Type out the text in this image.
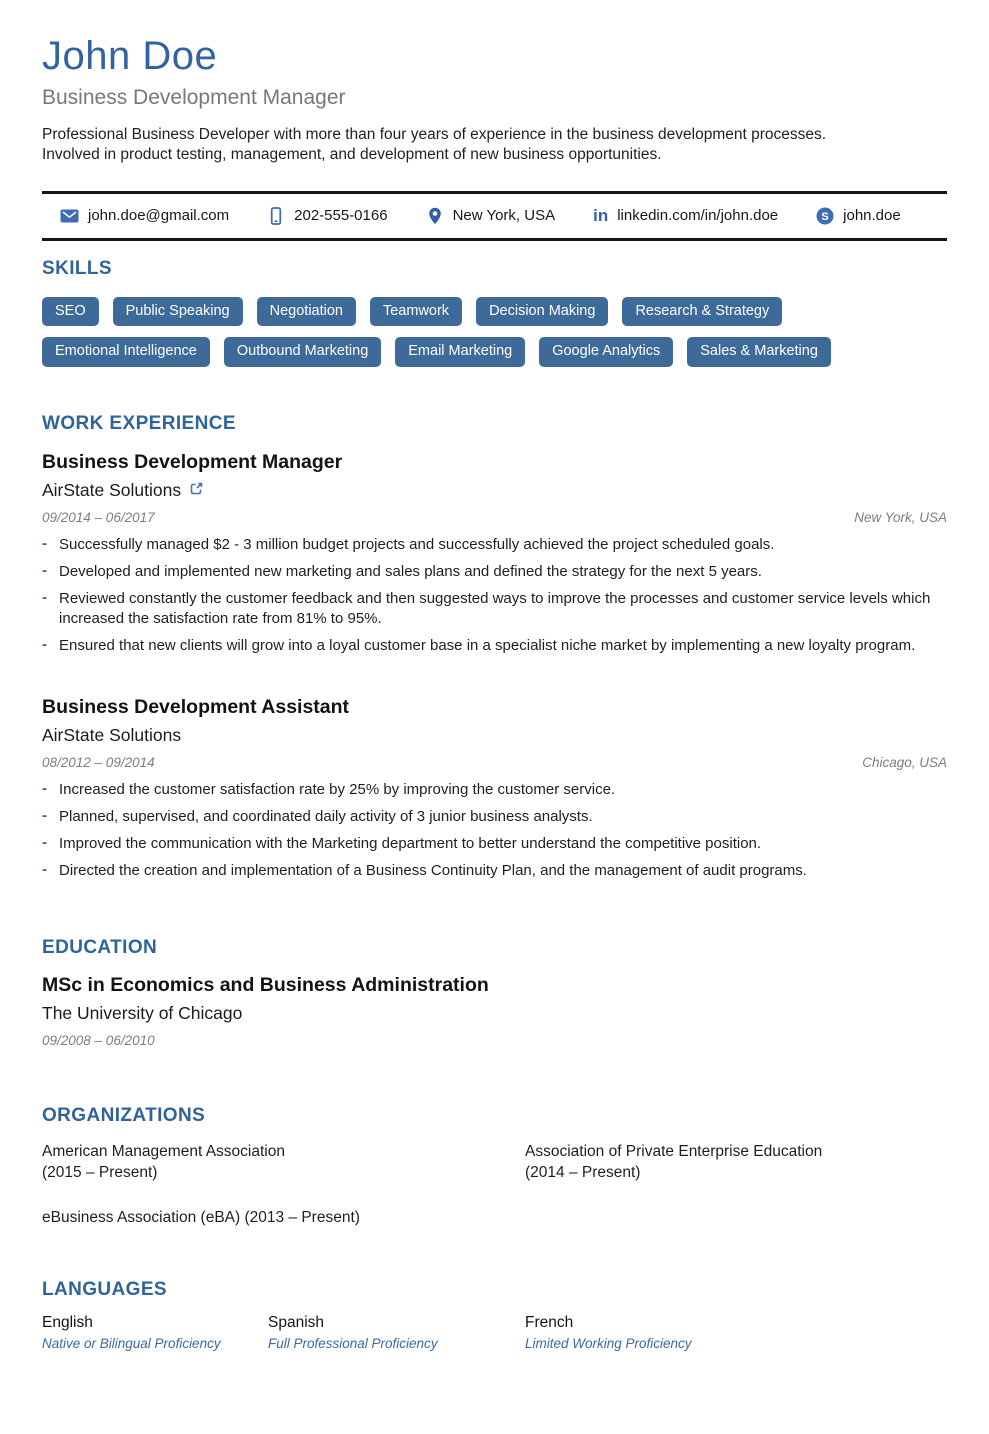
John Doe
Business Development Manager
Professional Business Developer with more than four years of experience in the business development processes.
Involved in product testing, management, and development of new business opportunities.
john.doe@gmail.com	202-555-0166	New York, USA in linkedin.com/in/john.doe	S john.doe
SKILLS
SEO	Public Speaking	Negotiation	Teamwork	Decision Making	Research & Strategy
Emotional Intelligence	Outbound Marketing	Email Marketing	Google Analytics	Sales & Marketing
WORK EXPERIENCE
Business Development Manager
AirState Solutions
09/2014 – 06/2017	New York, USA
- Successfully managed $2 - 3 million budget projects and successfully achieved the project scheduled goals.
- Developed and implemented new marketing and sales plans and defined the strategy for the next 5 years.
- Reviewed constantly the customer feedback and then suggested ways to improve the processes and customer service levels which increased the satisfaction rate from 81% to 95%.
- Ensured that new clients will grow into a loyal customer base in a specialist niche market by implementing a new loyalty program.
Business Development Assistant
AirState Solutions
08/2012 – 09/2014	Chicago, USA
- Increased the customer satisfaction rate by 25% by improving the customer service.
- Planned, supervised, and coordinated daily activity of 3 junior business analysts.
- Improved the communication with the Marketing department to better understand the competitive position.
- Directed the creation and implementation of a Business Continuity Plan, and the management of audit programs.
EDUCATION
MSc in Economics and Business Administration
The University of Chicago
09/2008 – 06/2010
ORGANIZATIONS
American Management Association
(2015 – Present)
Association of Private Enterprise Education
(2014 – Present)
eBusiness Association (eBA) (2013 – Present)
LANGUAGES
English
Native or Bilingual Proficiency
Spanish
Full Professional Proficiency
French
Limited Working Proficiency
